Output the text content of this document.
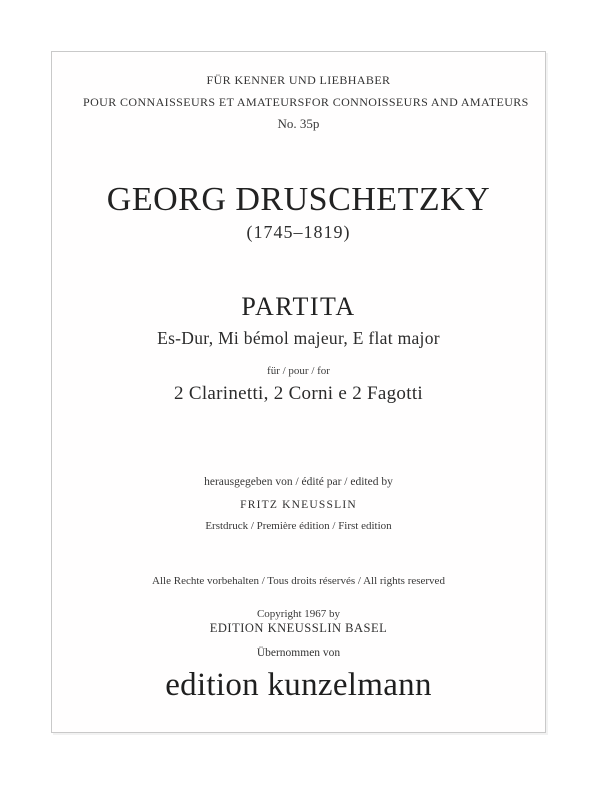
FÜR KENNER UND LIEBHABER
POUR CONNAISSEURS ET AMATEURS FOR CONNOISSEURS AND AMATEURS
No. 35p
GEORG DRUSCHETZKY
(1745–1819)
PARTITA
Es-Dur, Mi bémol majeur, E flat major
für / pour / for
2 Clarinetti, 2 Corni e 2 Fagotti
herausgegeben von / édité par / edited by
FRITZ KNEUSSLIN
Erstdruck / Première édition / First edition
Alle Rechte vorbehalten / Tous droits réservés / All rights reserved
Copyright 1967 by
EDITION KNEUSSLIN BASEL
Übernommen von
edition kunzelmann
